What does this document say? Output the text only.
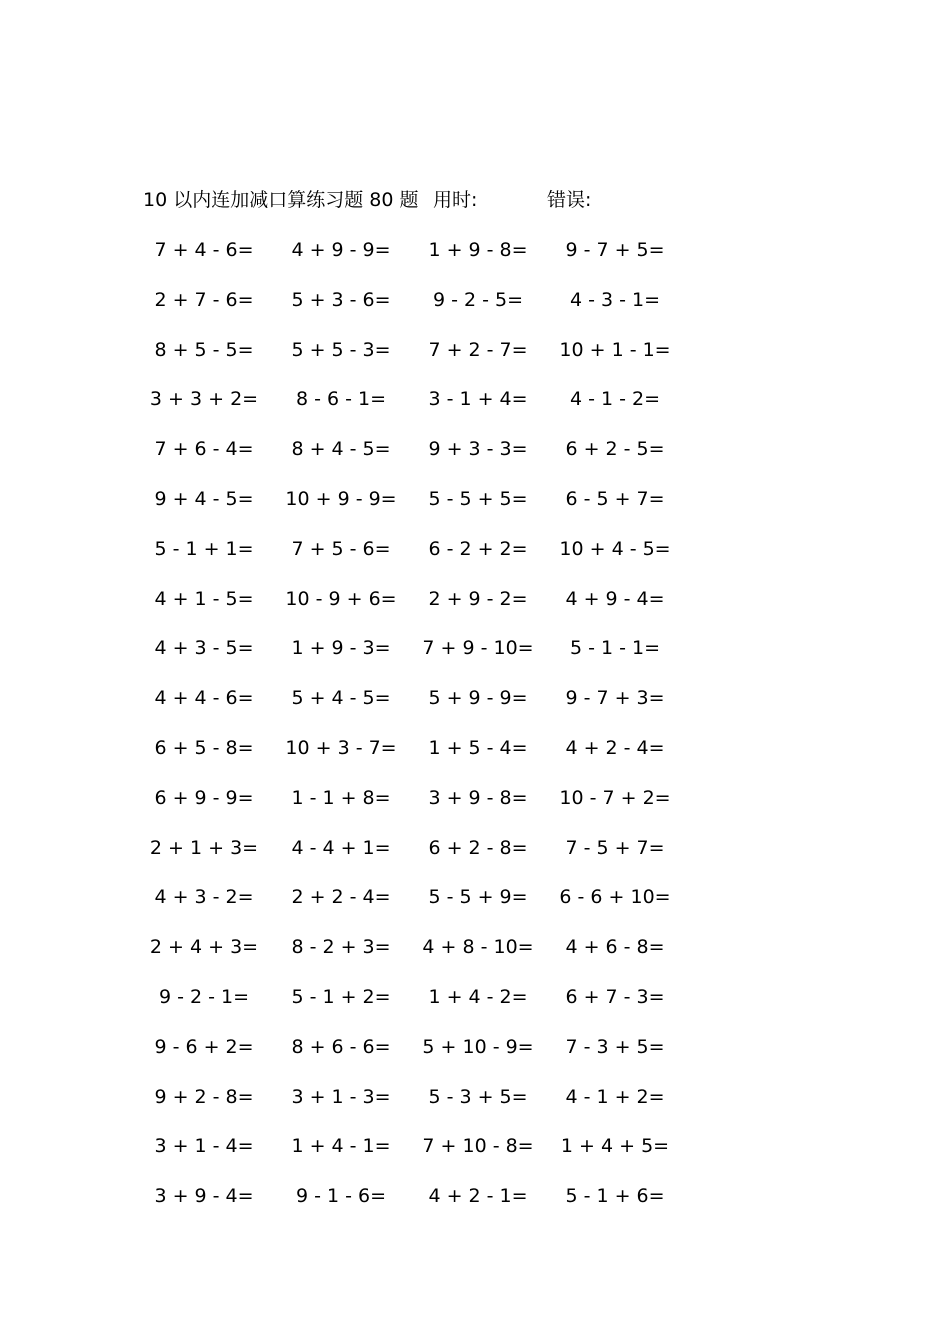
10 以内连加减口算练习题 80 题 用时:	错误:
7 + 4 - 6=	4 + 9 - 9=	1 + 9 - 8=	9 - 7 + 5=
2 + 7 - 6=	5 + 3 - 6=	9 - 2 - 5=	4 - 3 - 1=
8 + 5 - 5=	5 + 5 - 3=	7 + 2 - 7=	10 + 1 - 1=
3 + 3 + 2=	8 - 6 - 1=	3 - 1 + 4=	4 - 1 - 2=
7 + 6 - 4=	8 + 4 - 5=	9 + 3 - 3=	6 + 2 - 5=
9 + 4 - 5=	10 + 9 - 9=	5 - 5 + 5=	6 - 5 + 7=
5 - 1 + 1=	7 + 5 - 6=	6 - 2 + 2=	10 + 4 - 5=
4 + 1 - 5=	10 - 9 + 6=	2 + 9 - 2=	4 + 9 - 4=
4 + 3 - 5=	1 + 9 - 3=	7 + 9 - 10=	5 - 1 - 1=
4 + 4 - 6=	5 + 4 - 5=	5 + 9 - 9=	9 - 7 + 3=
6 + 5 - 8=	10 + 3 - 7=	1 + 5 - 4=	4 + 2 - 4=
6 + 9 - 9=	1 - 1 + 8=	3 + 9 - 8=	10 - 7 + 2=
2 + 1 + 3=	4 - 4 + 1=	6 + 2 - 8=	7 - 5 + 7=
4 + 3 - 2=	2 + 2 - 4=	5 - 5 + 9=	6 - 6 + 10=
2 + 4 + 3=	8 - 2 + 3=	4 + 8 - 10=	4 + 6 - 8=
9 - 2 - 1=	5 - 1 + 2=	1 + 4 - 2=	6 + 7 - 3=
9 - 6 + 2=	8 + 6 - 6=	5 + 10 - 9=	7 - 3 + 5=
9 + 2 - 8=	3 + 1 - 3=	5 - 3 + 5=	4 - 1 + 2=
3 + 1 - 4=	1 + 4 - 1=	7 + 10 - 8=	1 + 4 + 5=
3 + 9 - 4=	9 - 1 - 6=	4 + 2 - 1=	5 - 1 + 6=
